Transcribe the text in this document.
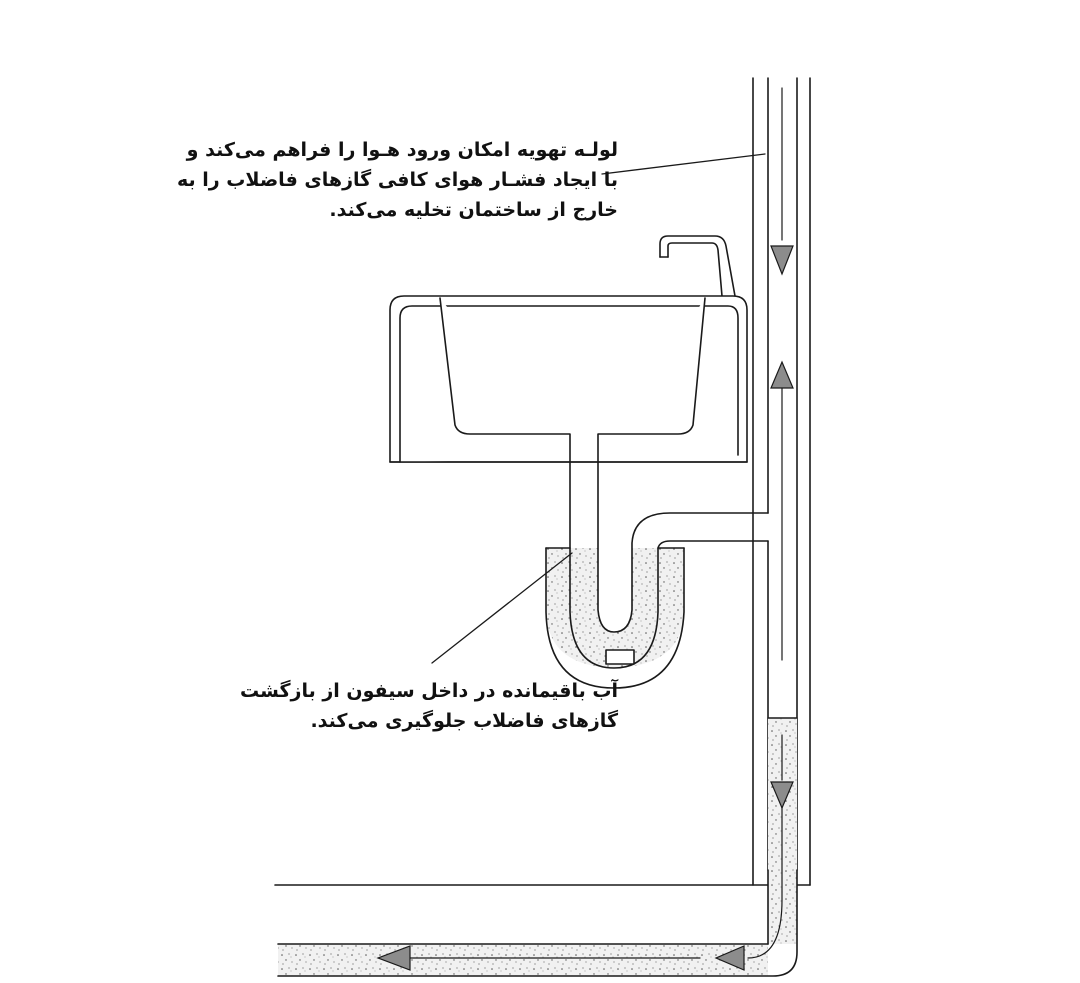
لولـه تهویه امکان ورود هـوا را فراهم می‌کند و
با ایجاد فشـار هوای کافی گازهای فاضلاب را به
خارج از ساختمان تخلیه می‌کند.
آب باقیمانده در داخل سیفون از بازگشت
گازهای فاضلاب جلوگیری می‌کند.
